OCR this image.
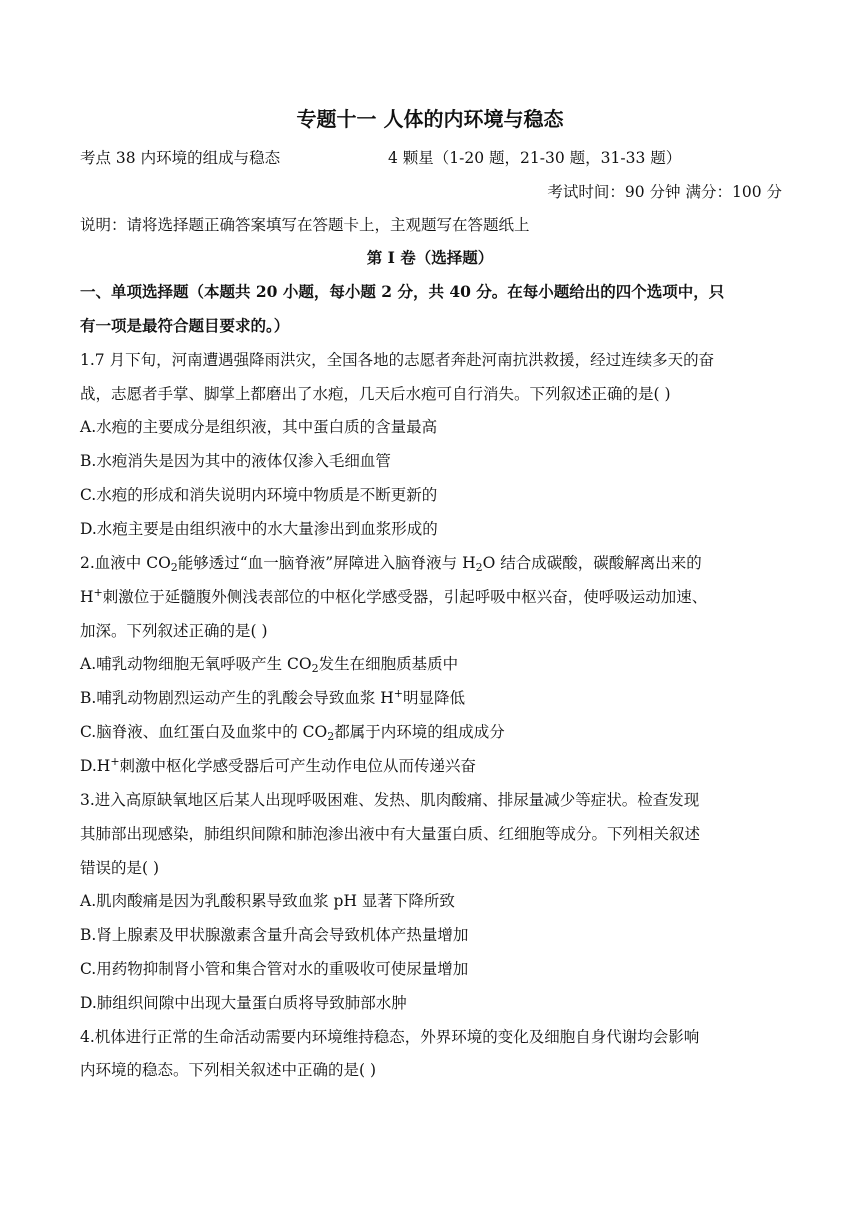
专题十一 人体的内环境与稳态
考点 38 内环境的组成与稳态	4 颗星（1-20 题，21-30 题，31-33 题）
考试时间：90 分钟 满分：100 分
说明：请将选择题正确答案填写在答题卡上，主观题写在答题纸上
第 I 卷（选择题）
一、单项选择题（本题共 20 小题，每小题 2 分，共 40 分。在每小题给出的四个选项中，只
有一项是最符合题目要求的。）
1.7 月下旬，河南遭遇强降雨洪灾，全国各地的志愿者奔赴河南抗洪救援，经过连续多天的奋
战，志愿者手掌、脚掌上都磨出了水疱，几天后水疱可自行消失。下列叙述正确的是( )
A.水疱的主要成分是组织液，其中蛋白质的含量最高
B.水疱消失是因为其中的液体仅渗入毛细血管
C.水疱的形成和消失说明内环境中物质是不断更新的
D.水疱主要是由组织液中的水大量渗出到血浆形成的
2.血液中 $CO_2$能够透过“血一脑脊液”屏障进入脑脊液与 $H_2O$ 结合成碳酸，碳酸解离出来的
H+刺激位于延髓腹外侧浅表部位的中枢化学感受器，引起呼吸中枢兴奋，使呼吸运动加速、
加深。下列叙述正确的是( )
A.哺乳动物细胞无氧呼吸产生 $CO_2$发生在细胞质基质中
B.哺乳动物剧烈运动产生的乳酸会导致血浆 H+明显降低
C.脑脊液、血红蛋白及血浆中的 $CO_2$都属于内环境的组成成分
D.H+刺激中枢化学感受器后可产生动作电位从而传递兴奋
3.进入高原缺氧地区后某人出现呼吸困难、发热、肌肉酸痛、排尿量减少等症状。检查发现
其肺部出现感染，肺组织间隙和肺泡渗出液中有大量蛋白质、红细胞等成分。下列相关叙述
错误的是( )
A.肌肉酸痛是因为乳酸积累导致血浆 pH 显著下降所致
B.肾上腺素及甲状腺激素含量升高会导致机体产热量增加
C.用药物抑制肾小管和集合管对水的重吸收可使尿量增加
D.肺组织间隙中出现大量蛋白质将导致肺部水肿
4.机体进行正常的生命活动需要内环境维持稳态，外界环境的变化及细胞自身代谢均会影响
内环境的稳态。下列相关叙述中正确的是( )
